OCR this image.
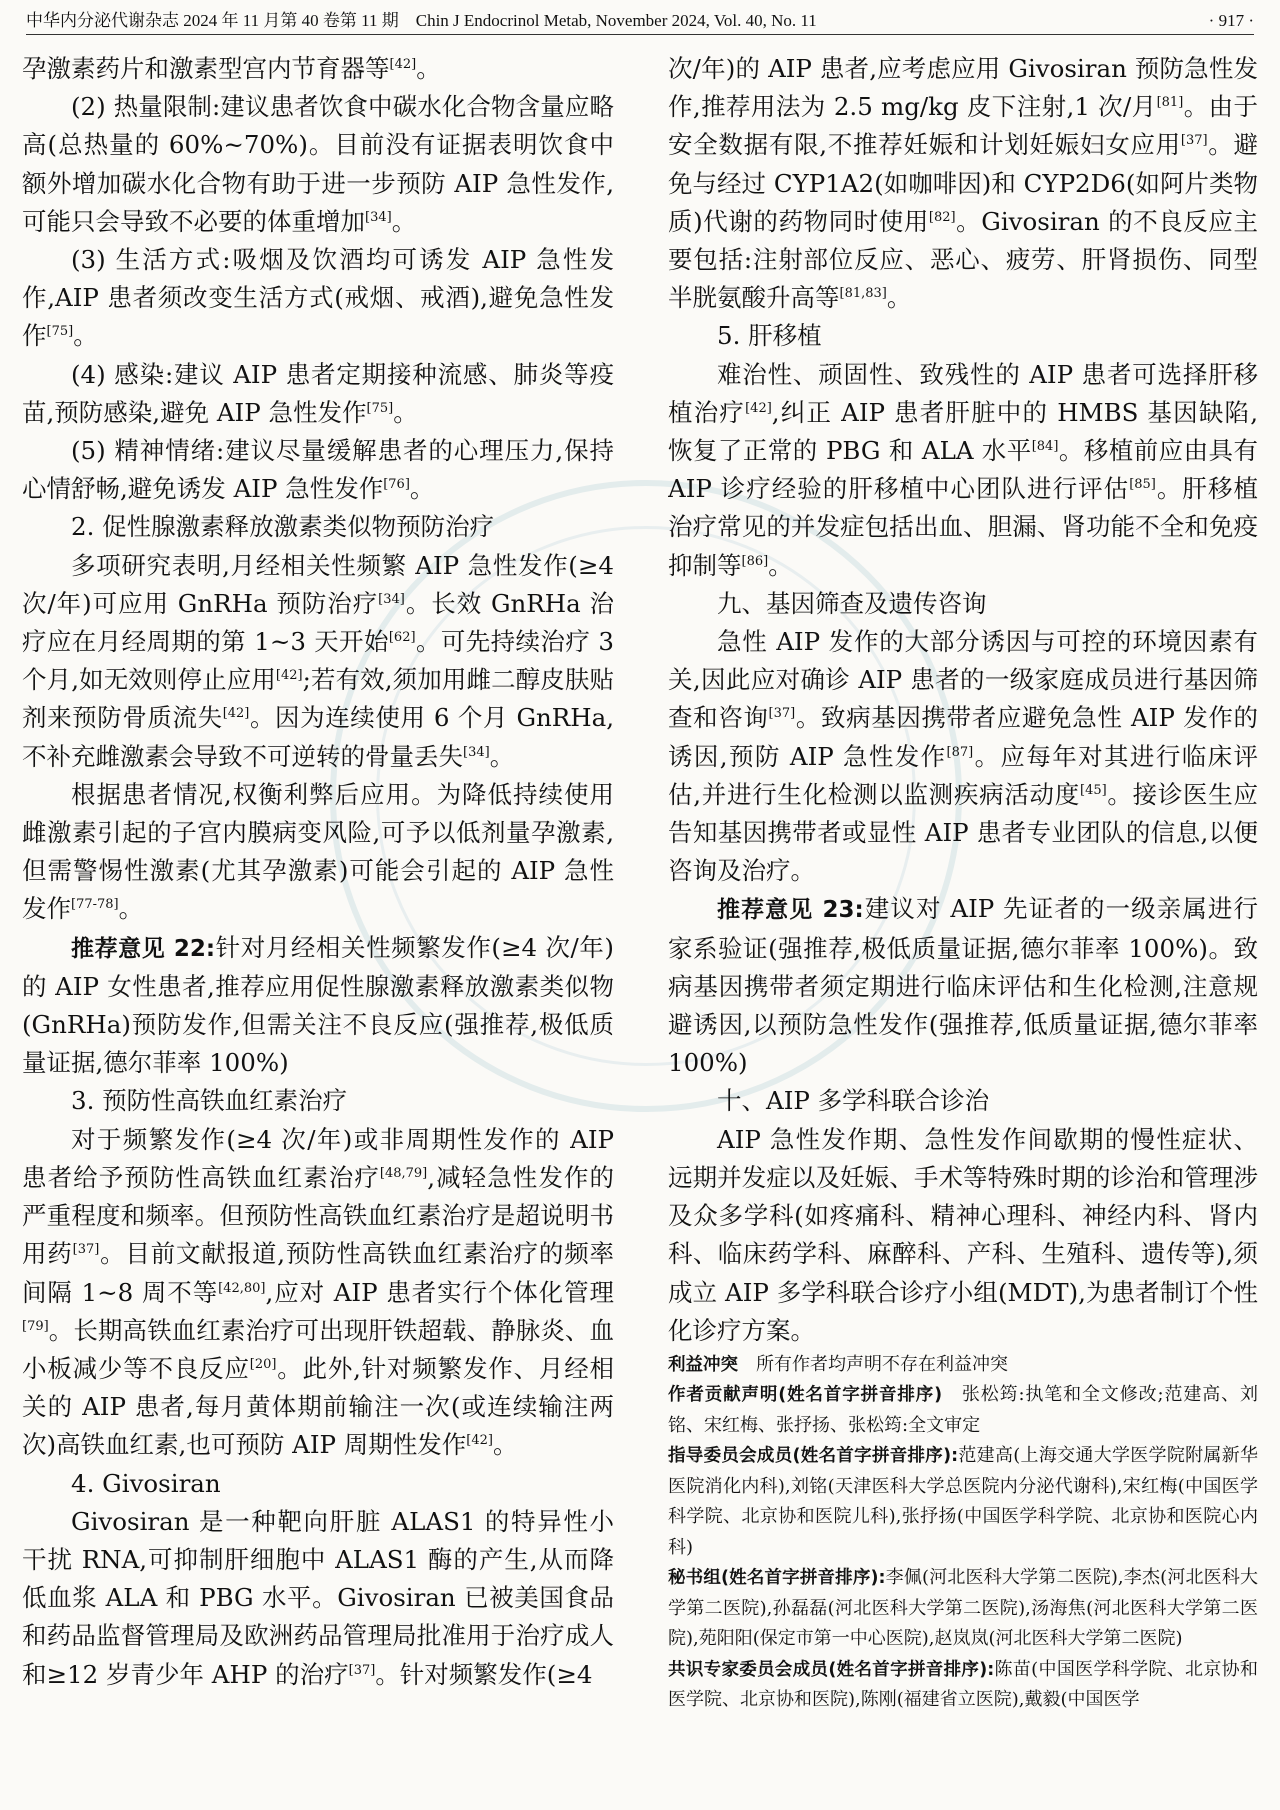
中华内分泌代谢杂志 2024 年 11 月第 40 卷第 11 期　Chin J Endocrinol Metab, November 2024, Vol. 40, No. 11	· 917 ·

孕激素药片和激素型宫内节育器等[42]。

(2) 热量限制:建议患者饮食中碳水化合物含量应略高(总热量的 60%~70%)。目前没有证据表明饮食中额外增加碳水化合物有助于进一步预防 AIP 急性发作,可能只会导致不必要的体重增加[34]。

(3) 生活方式:吸烟及饮酒均可诱发 AIP 急性发作,AIP 患者须改变生活方式(戒烟、戒酒),避免急性发作[75]。

(4) 感染:建议 AIP 患者定期接种流感、肺炎等疫苗,预防感染,避免 AIP 急性发作[75]。

(5) 精神情绪:建议尽量缓解患者的心理压力,保持心情舒畅,避免诱发 AIP 急性发作[76]。

2. 促性腺激素释放激素类似物预防治疗

多项研究表明,月经相关性频繁 AIP 急性发作(≥4 次/年)可应用 GnRHa 预防治疗[34]。长效 GnRHa 治疗应在月经周期的第 1~3 天开始[62]。可先持续治疗 3 个月,如无效则停止应用[42];若有效,须加用雌二醇皮肤贴剂来预防骨质流失[42]。因为连续使用 6 个月 GnRHa,不补充雌激素会导致不可逆转的骨量丢失[34]。

根据患者情况,权衡利弊后应用。为降低持续使用雌激素引起的子宫内膜病变风险,可予以低剂量孕激素,但需警惕性激素(尤其孕激素)可能会引起的 AIP 急性发作[77-78]。

推荐意见 22:针对月经相关性频繁发作(≥4 次/年)的 AIP 女性患者,推荐应用促性腺激素释放激素类似物(GnRHa)预防发作,但需关注不良反应(强推荐,极低质量证据,德尔菲率 100%)

3. 预防性高铁血红素治疗

对于频繁发作(≥4 次/年)或非周期性发作的 AIP 患者给予预防性高铁血红素治疗[48,79],减轻急性发作的严重程度和频率。但预防性高铁血红素治疗是超说明书用药[37]。目前文献报道,预防性高铁血红素治疗的频率间隔 1~8 周不等[42,80],应对 AIP 患者实行个体化管理[79]。长期高铁血红素治疗可出现肝铁超载、静脉炎、血小板减少等不良反应[20]。此外,针对频繁发作、月经相关的 AIP 患者,每月黄体期前输注一次(或连续输注两次)高铁血红素,也可预防 AIP 周期性发作[42]。

4. Givosiran

Givosiran 是一种靶向肝脏 ALAS1 的特异性小干扰 RNA,可抑制肝细胞中 ALAS1 酶的产生,从而降低血浆 ALA 和 PBG 水平。Givosiran 已被美国食品和药品监督管理局及欧洲药品管理局批准用于治疗成人和≥12 岁青少年 AHP 的治疗[37]。针对频繁发作(≥4

次/年)的 AIP 患者,应考虑应用 Givosiran 预防急性发作,推荐用法为 2.5 mg/kg 皮下注射,1 次/月[81]。由于安全数据有限,不推荐妊娠和计划妊娠妇女应用[37]。避免与经过 CYP1A2(如咖啡因)和 CYP2D6(如阿片类物质)代谢的药物同时使用[82]。Givosiran 的不良反应主要包括:注射部位反应、恶心、疲劳、肝肾损伤、同型半胱氨酸升高等[81,83]。

5. 肝移植

难治性、顽固性、致残性的 AIP 患者可选择肝移植治疗[42],纠正 AIP 患者肝脏中的 HMBS 基因缺陷,恢复了正常的 PBG 和 ALA 水平[84]。移植前应由具有 AIP 诊疗经验的肝移植中心团队进行评估[85]。肝移植治疗常见的并发症包括出血、胆漏、肾功能不全和免疫抑制等[86]。

九、基因筛查及遗传咨询

急性 AIP 发作的大部分诱因与可控的环境因素有关,因此应对确诊 AIP 患者的一级家庭成员进行基因筛查和咨询[37]。致病基因携带者应避免急性 AIP 发作的诱因,预防 AIP 急性发作[87]。应每年对其进行临床评估,并进行生化检测以监测疾病活动度[45]。接诊医生应告知基因携带者或显性 AIP 患者专业团队的信息,以便咨询及治疗。

推荐意见 23:建议对 AIP 先证者的一级亲属进行家系验证(强推荐,极低质量证据,德尔菲率 100%)。致病基因携带者须定期进行临床评估和生化检测,注意规避诱因,以预防急性发作(强推荐,低质量证据,德尔菲率 100%)

十、AIP 多学科联合诊治

AIP 急性发作期、急性发作间歇期的慢性症状、远期并发症以及妊娠、手术等特殊时期的诊治和管理涉及众多学科(如疼痛科、精神心理科、神经内科、肾内科、临床药学科、麻醉科、产科、生殖科、遗传等),须成立 AIP 多学科联合诊疗小组(MDT),为患者制订个性化诊疗方案。

利益冲突　所有作者均声明不存在利益冲突

作者贡献声明(姓名首字拼音排序)　张松筠:执笔和全文修改;范建高、刘铭、宋红梅、张抒扬、张松筠:全文审定

指导委员会成员(姓名首字拼音排序):范建高(上海交通大学医学院附属新华医院消化内科),刘铭(天津医科大学总医院内分泌代谢科),宋红梅(中国医学科学院、北京协和医院儿科),张抒扬(中国医学科学院、北京协和医院心内科)

秘书组(姓名首字拼音排序):李佩(河北医科大学第二医院),李杰(河北医科大学第二医院),孙磊磊(河北医科大学第二医院),汤海焦(河北医科大学第二医院),苑阳阳(保定市第一中心医院),赵岚岚(河北医科大学第二医院)

共识专家委员会成员(姓名首字拼音排序):陈苗(中国医学科学院、北京协和医学院、北京协和医院),陈刚(福建省立医院),戴毅(中国医学
